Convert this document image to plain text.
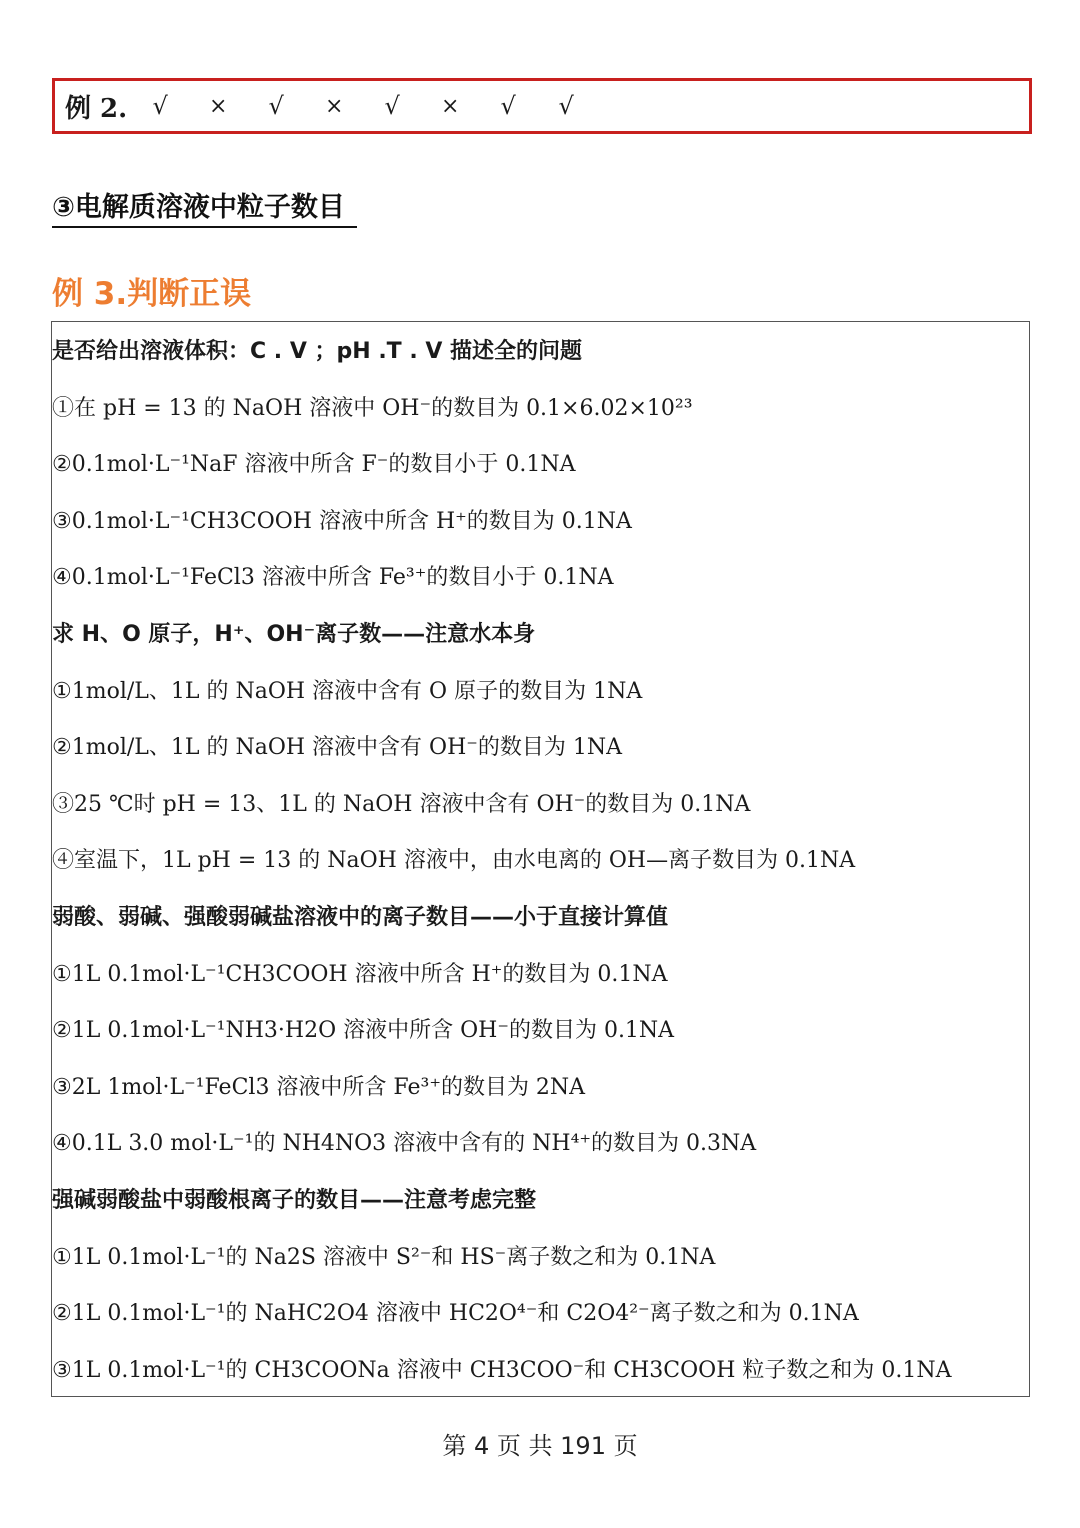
例 2.	√	×	√	×	√	×	√	√
③电解质溶液中粒子数目
例 3.判断正误
是否给出溶液体积：C . V ；pH .T . V 描述全的问题
①在 pH = 13 的 NaOH 溶液中 OH⁻的数目为 0.1×6.02×10²³
②0.1mol·L⁻¹NaF 溶液中所含 F⁻的数目小于 0.1NA
③0.1mol·L⁻¹CH3COOH 溶液中所含 H⁺的数目为 0.1NA
④0.1mol·L⁻¹FeCl3 溶液中所含 Fe³⁺的数目小于 0.1NA
求 H、O 原子，H⁺、OH⁻离子数——注意水本身
①1mol/L、1L 的 NaOH 溶液中含有 O 原子的数目为 1NA
②1mol/L、1L 的 NaOH 溶液中含有 OH⁻的数目为 1NA
③25 ℃时 pH = 13、1L 的 NaOH 溶液中含有 OH⁻的数目为 0.1NA
④室温下，1L pH = 13 的 NaOH 溶液中，由水电离的 OH—离子数目为 0.1NA
弱酸、弱碱、强酸弱碱盐溶液中的离子数目——小于直接计算值
①1L 0.1mol·L⁻¹CH3COOH 溶液中所含 H⁺的数目为 0.1NA
②1L 0.1mol·L⁻¹NH3·H2O 溶液中所含 OH⁻的数目为 0.1NA
③2L 1mol·L⁻¹FeCl3 溶液中所含 Fe³⁺的数目为 2NA
④0.1L 3.0 mol·L⁻¹的 NH4NO3 溶液中含有的 NH⁴⁺的数目为 0.3NA
强碱弱酸盐中弱酸根离子的数目——注意考虑完整
①1L 0.1mol·L⁻¹的 Na2S 溶液中 S²⁻和 HS⁻离子数之和为 0.1NA
②1L 0.1mol·L⁻¹的 NaHC2O4 溶液中 HC2O⁴⁻和 C2O4²⁻离子数之和为 0.1NA
③1L 0.1mol·L⁻¹的 CH3COONa 溶液中 CH3COO⁻和 CH3COOH 粒子数之和为 0.1NA
第 4 页 共 191 页
